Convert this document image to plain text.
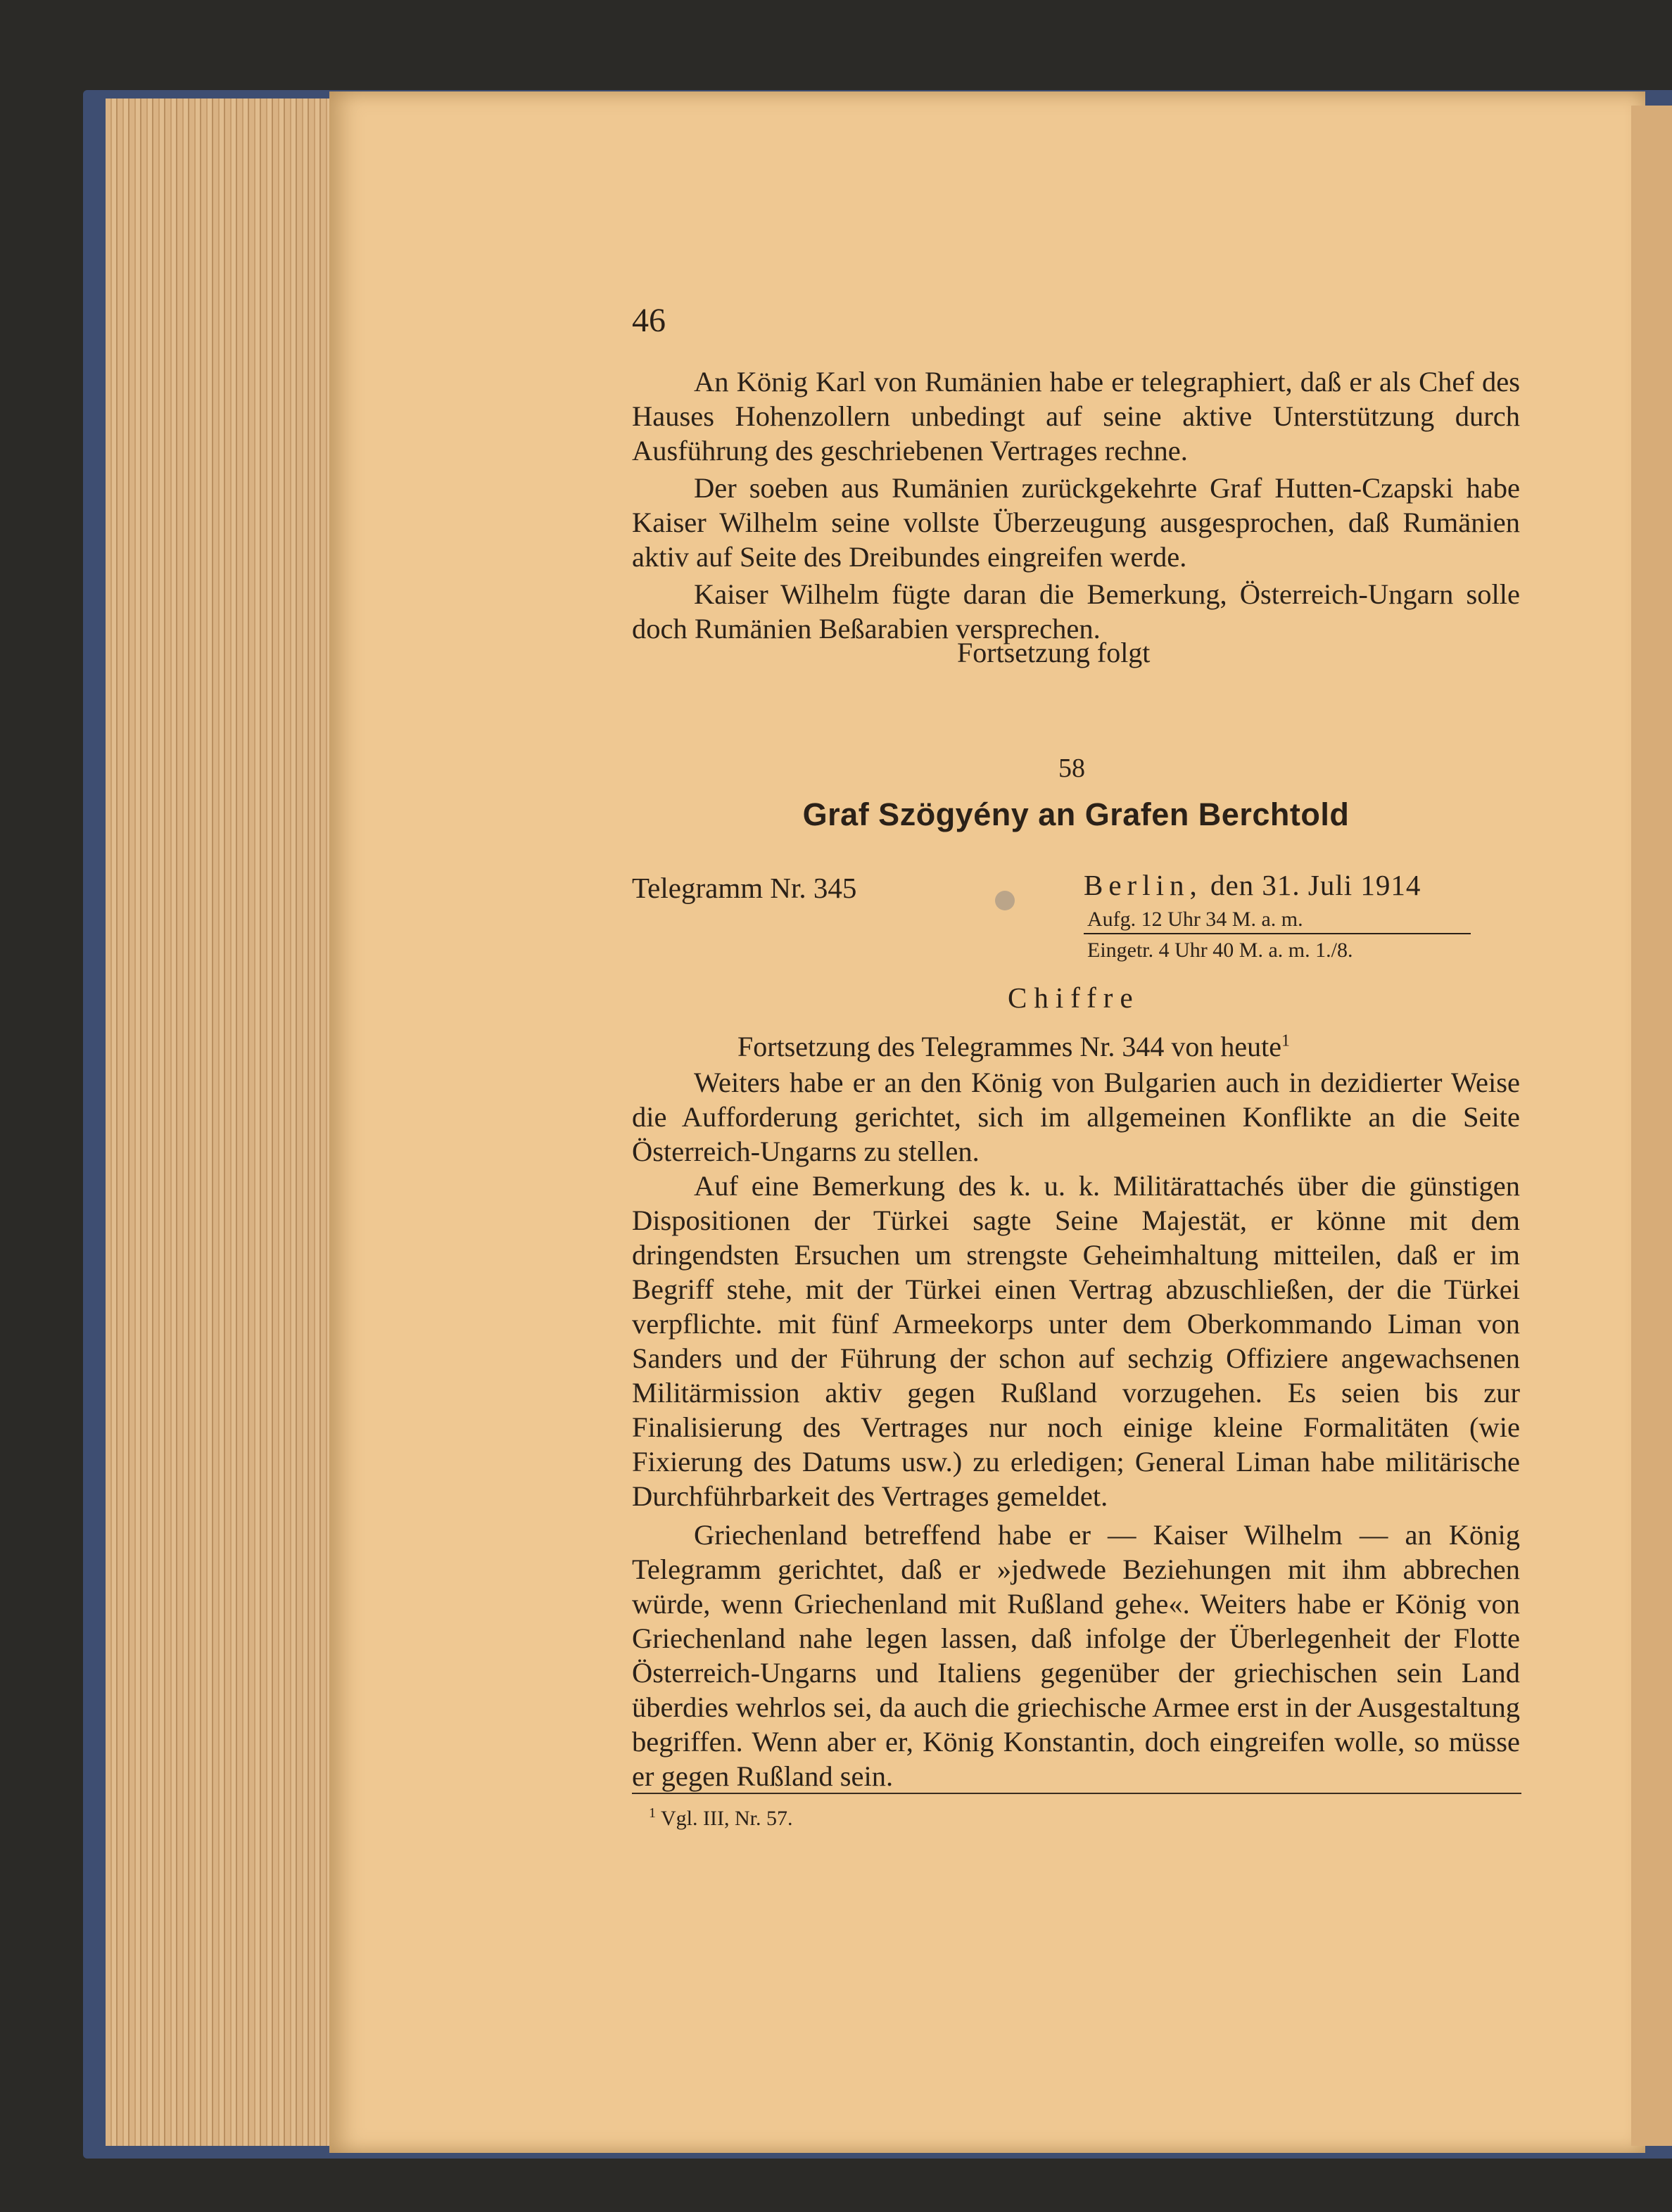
46

An König Karl von Rumänien habe er telegraphiert, daß er als Chef des Hauses Hohenzollern unbedingt auf seine aktive Unterstützung durch Ausführung des geschriebenen Vertrages rechne.

Der soeben aus Rumänien zurückgekehrte Graf Hutten-Czapski habe Kaiser Wilhelm seine vollste Überzeugung ausgesprochen, daß Rumänien aktiv auf Seite des Dreibundes eingreifen werde.

Kaiser Wilhelm fügte daran die Bemerkung, Österreich-Ungarn solle doch Rumänien Beßarabien versprechen.

Fortsetzung folgt
58
Graf Szögyény an Grafen Berchtold
Telegramm Nr. 345	Berlin, den 31. Juli 1914
Aufg. 12 Uhr 34 M. a. m.
Eingetr. 4 Uhr 40 M. a. m. 1./8.
Chiffre
Fortsetzung des Telegrammes Nr. 344 von heute$^1$

Weiters habe er an den König von Bulgarien auch in dezidierter Weise die Aufforderung gerichtet, sich im allgemeinen Konflikte an die Seite Österreich-Ungarns zu stellen.

Auf eine Bemerkung des k. u. k. Militärattachés über die günstigen Dispositionen der Türkei sagte Seine Majestät, er könne mit dem dringendsten Ersuchen um strengste Geheimhaltung mitteilen, daß er im Begriff stehe, mit der Türkei einen Vertrag abzuschließen, der die Türkei verpflichte. mit fünf Armeekorps unter dem Oberkommando Liman von Sanders und der Führung der schon auf sechzig Offiziere angewachsenen Militärmission aktiv gegen Rußland vorzugehen. Es seien bis zur Finalisierung des Vertrages nur noch einige kleine Formalitäten (wie Fixierung des Datums usw.) zu erledigen; General Liman habe militärische Durchführbarkeit des Vertrages gemeldet.

Griechenland betreffend habe er — Kaiser Wilhelm — an König Telegramm gerichtet, daß er »jedwede Beziehungen mit ihm abbrechen würde, wenn Griechenland mit Rußland gehe«. Weiters habe er König von Griechenland nahe legen lassen, daß infolge der Überlegenheit der Flotte Österreich-Ungarns und Italiens gegenüber der griechischen sein Land überdies wehrlos sei, da auch die griechische Armee erst in der Ausgestaltung begriffen. Wenn aber er, König Konstantin, doch eingreifen wolle, so müsse er gegen Rußland sein.

$^1$ Vgl. III, Nr. 57.
